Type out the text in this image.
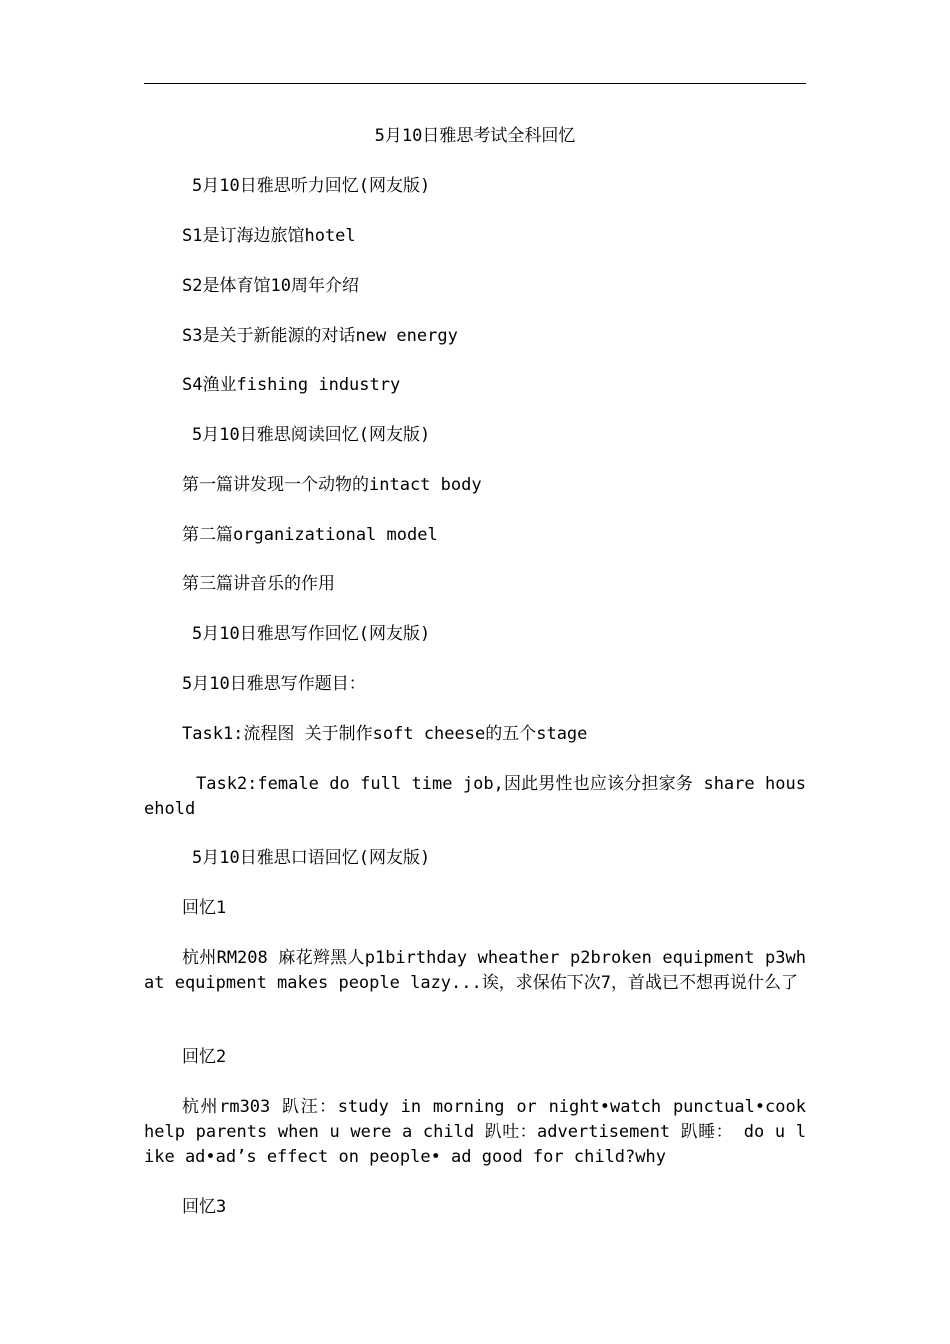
5月10日雅思考试全科回忆
5月10日雅思听力回忆(网友版)
S1是订海边旅馆hotel
S2是体育馆10周年介绍
S3是关于新能源的对话new energy
S4渔业fishing industry
5月10日雅思阅读回忆(网友版)
第一篇讲发现一个动物的intact body
第二篇organizational model
第三篇讲音乐的作用
5月10日雅思写作回忆(网友版)
5月10日雅思写作题目：
Task1:流程图 关于制作soft cheese的五个stage
Task2:female do full time job,因此男性也应该分担家务 share household
5月10日雅思口语回忆(网友版)
回忆1
杭州RM208 麻花辫黑人p1birthday wheather p2broken equipment p3what equipment makes people lazy...诶，求保佑下次7，首战已不想再说什么了
回忆2
杭州rm303 趴汪：study in morning or night•watch punctual•cook help parents when u were a child 趴吐：advertisement 趴睡： do u like ad•ad’s effect on people• ad good for child?why
回忆3
